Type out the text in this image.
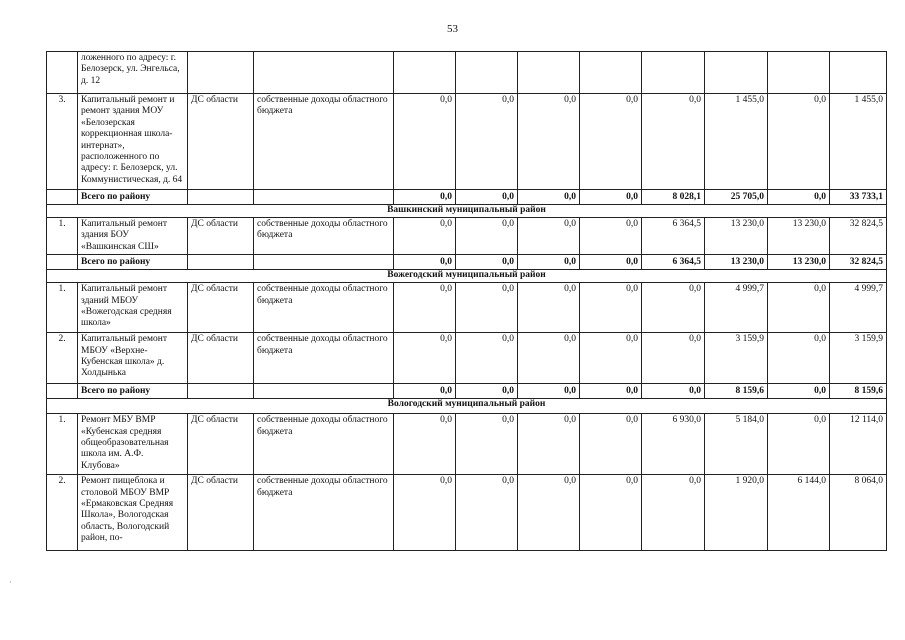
53
	ложенного по адресу: г. Белозерск, ул. Энгельса, д. 12										
3.	Капитальный ремонт и ремонт здания МОУ «Белозерская коррекционная школа-интернат», расположенного по адресу: г. Белозерск, ул. Коммунистическая, д. 64	ДС области	собственные доходы областного бюджета	0,0	0,0	0,0	0,0	0,0	1 455,0	0,0	1 455,0
	Всего по району			0,0	0,0	0,0	0,0	8 028,1	25 705,0	0,0	33 733,1
Вашкинский муниципальный район											
1.	Капитальный ремонт здания БОУ «Вашкинская СШ»	ДС области	собственные доходы областного бюджета	0,0	0,0	0,0	0,0	6 364,5	13 230,0	13 230,0	32 824,5
	Всего по району			0,0	0,0	0,0	0,0	6 364,5	13 230,0	13 230,0	32 824,5
Вожегодский муниципальный район											
1.	Капитальный ремонт зданий МБОУ «Вожегодская средняя школа»	ДС области	собственные доходы областного бюджета	0,0	0,0	0,0	0,0	0,0	4 999,7	0,0	4 999,7
2.	Капитальный ремонт МБОУ «Верхне-Кубенская школа» д. Холдынька	ДС области	собственные доходы областного бюджета	0,0	0,0	0,0	0,0	0,0	3 159,9	0,0	3 159,9
	Всего по району			0,0	0,0	0,0	0,0	0,0	8 159,6	0,0	8 159,6
Вологодский муниципальный район											
1.	Ремонт МБУ ВМР «Кубенская средняя общеобразовательная школа им. А.Ф. Клубова»	ДС области	собственные доходы областного бюджета	0,0	0,0	0,0	0,0	6 930,0	5 184,0	0,0	12 114,0
2.	Ремонт пищеблока и столовой МБОУ ВМР «Ермаковская Средняя Школа», Вологодская область, Вологодский район, по-	ДС области	собственные доходы областного бюджета	0,0	0,0	0,0	0,0	0,0	1 920,0	6 144,0	8 064,0
·
